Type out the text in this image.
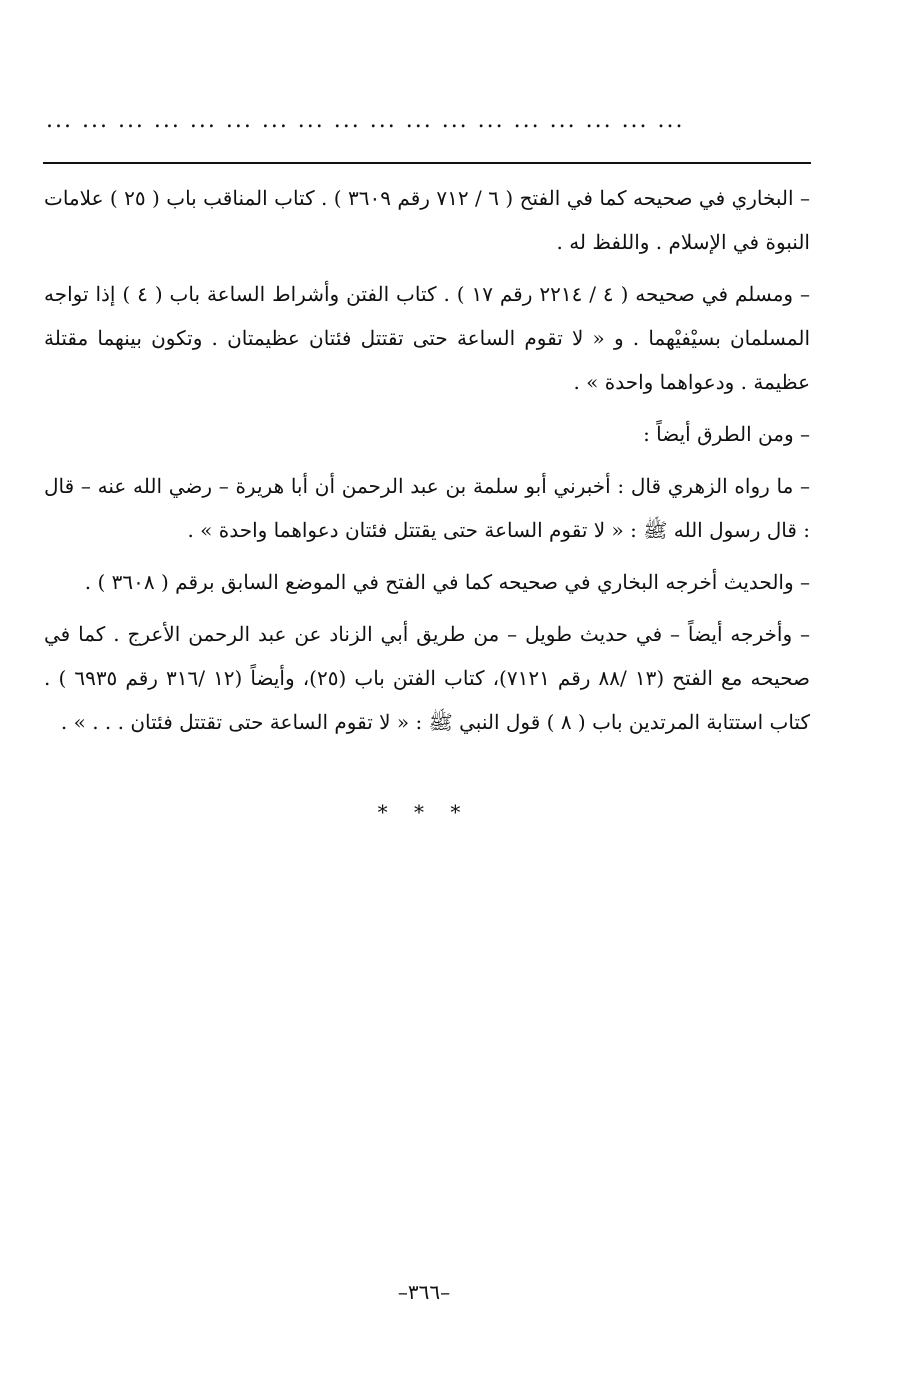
... ... ... ... ... ... ... ... ... ... ... ... ... ... ... ... ... ...

– البخاري في صحيحه كما في الفتح ( ٦ / ٧١٢ رقم ٣٦٠٩ ) . كتاب المناقب باب ( ٢٥ ) علامات النبوة في الإسلام . واللفظ له .

– ومسلم في صحيحه ( ٤ / ٢٢١٤ رقم ١٧ ) . كتاب الفتن وأشراط الساعة باب ( ٤ ) إذا تواجه المسلمان بسيْفيْهما . و « لا تقوم الساعة حتى تقتتل فئتان عظيمتان . وتكون بينهما مقتلة عظيمة . ودعواهما واحدة » .

– ومن الطرق أيضاً :

– ما رواه الزهري قال : أخبرني أبو سلمة بن عبد الرحمن أن أبا هريرة – رضي الله عنه – قال : قال رسول الله ﷺ : « لا تقوم الساعة حتى يقتتل فئتان دعواهما واحدة » .

– والحديث أخرجه البخاري في صحيحه كما في الفتح في الموضع السابق برقم ( ٣٦٠٨ ) .

– وأخرجه أيضاً – في حديث طويل – من طريق أبي الزناد عن عبد الرحمن الأعرج . كما في صحيحه مع الفتح (١٣ /٨٨ رقم ٧١٢١)، كتاب الفتن باب (٢٥)، وأيضاً (١٢ /٣١٦ رقم ٦٩٣٥ ) . كتاب استتابة المرتدين باب ( ٨ ) قول النبي ﷺ : « لا تقوم الساعة حتى تقتتل فئتان . . . » .

* * *
–٣٦٦–
